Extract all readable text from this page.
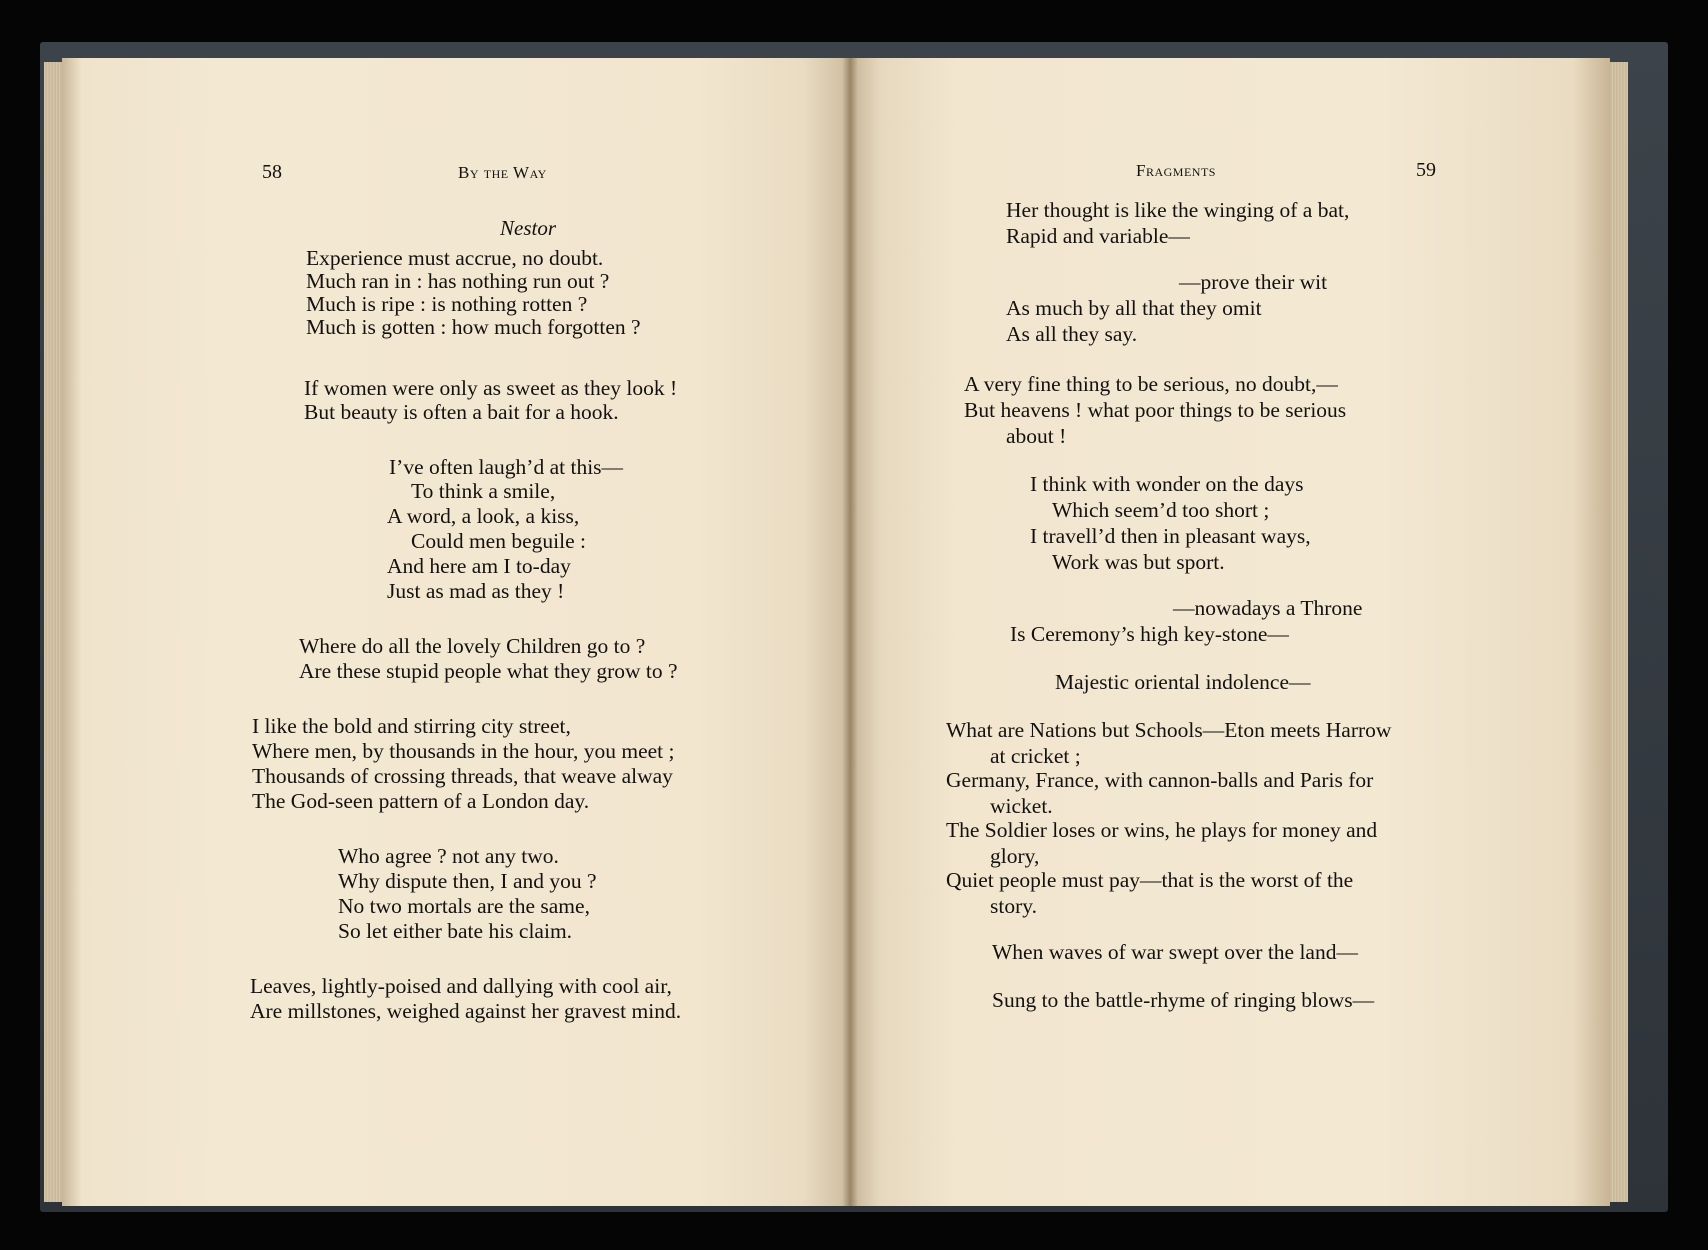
58	By the Way
Nestor
Experience must accrue, no doubt.
Much ran in : has nothing run out ?
Much is ripe : is nothing rotten ?
Much is gotten : how much forgotten ?
If women were only as sweet as they look !
But beauty is often a bait for a hook.
I’ve often laugh’d at this—
To think a smile,
A word, a look, a kiss,
Could men beguile :
And here am I to-day
Just as mad as they !
Where do all the lovely Children go to ?
Are these stupid people what they grow to ?
I like the bold and stirring city street,
Where men, by thousands in the hour, you meet ;
Thousands of crossing threads, that weave alway
The God-seen pattern of a London day.
Who agree ? not any two.
Why dispute then, I and you ?
No two mortals are the same,
So let either bate his claim.
Leaves, lightly-poised and dallying with cool air,
Are millstones, weighed against her gravest mind.
Fragments	59
Her thought is like the winging of a bat,
Rapid and variable—
—prove their wit
As much by all that they omit
As all they say.
A very fine thing to be serious, no doubt,—
But heavens ! what poor things to be serious
about !
I think with wonder on the days
Which seem’d too short ;
I travell’d then in pleasant ways,
Work was but sport.
—nowadays a Throne
Is Ceremony’s high key-stone—
Majestic oriental indolence—
What are Nations but Schools—Eton meets Harrow
at cricket ;
Germany, France, with cannon-balls and Paris for
wicket.
The Soldier loses or wins, he plays for money and
glory,
Quiet people must pay—that is the worst of the
story.
When waves of war swept over the land—
Sung to the battle-rhyme of ringing blows—
